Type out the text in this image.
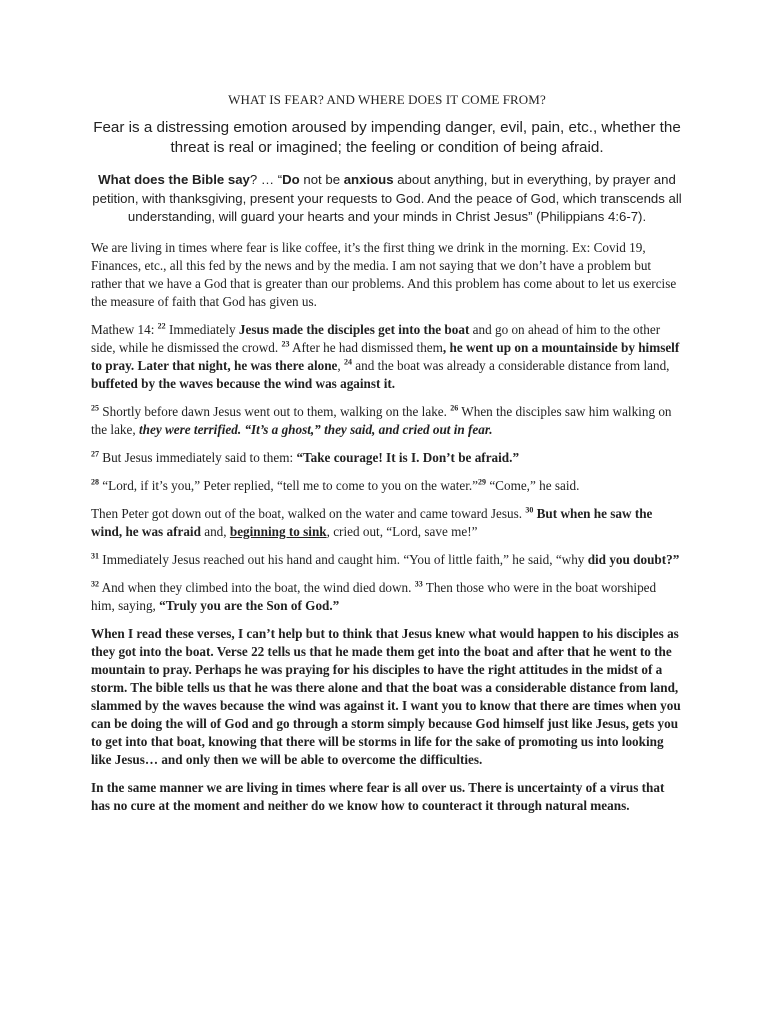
WHAT IS FEAR? AND WHERE DOES IT COME FROM?
Fear is a distressing emotion aroused by impending danger, evil, pain, etc., whether the threat is real or imagined; the feeling or condition of being afraid.
What does the Bible say? … “Do not be anxious about anything, but in everything, by prayer and petition, with thanksgiving, present your requests to God. And the peace of God, which transcends all understanding, will guard your hearts and your minds in Christ Jesus” (Philippians 4:6-7).

We are living in times where fear is like coffee, it’s the first thing we drink in the morning. Ex: Covid 19, Finances, etc., all this fed by the news and by the media. I am not saying that we don’t have a problem but rather that we have a God that is greater than our problems. And this problem has come about to let us exercise the measure of faith that God has given us.

Mathew 14: $^{22}$ Immediately Jesus made the disciples get into the boat and go on ahead of him to the other side, while he dismissed the crowd. $^{23}$ After he had dismissed them, he went up on a mountainside by himself to pray. Later that night, he was there alone, $^{24}$ and the boat was already a considerable distance from land, buffeted by the waves because the wind was against it.

$^{25}$ Shortly before dawn Jesus went out to them, walking on the lake. $^{26}$ When the disciples saw him walking on the lake, they were terrified. “It’s a ghost,” they said, and cried out in fear.

$^{27}$ But Jesus immediately said to them: “Take courage! It is I. Don’t be afraid.”

$^{28}$ “Lord, if it’s you,” Peter replied, “tell me to come to you on the water.”$^{29}$ “Come,” he said.

Then Peter got down out of the boat, walked on the water and came toward Jesus. $^{30}$ But when he saw the wind, he was afraid and, beginning to sink, cried out, “Lord, save me!”

$^{31}$ Immediately Jesus reached out his hand and caught him. “You of little faith,” he said, “why did you doubt?”

$^{32}$ And when they climbed into the boat, the wind died down. $^{33}$ Then those who were in the boat worshiped him, saying, “Truly you are the Son of God.”

When I read these verses, I can’t help but to think that Jesus knew what would happen to his disciples as they got into the boat. Verse 22 tells us that he made them get into the boat and after that he went to the mountain to pray. Perhaps he was praying for his disciples to have the right attitudes in the midst of a storm. The bible tells us that he was there alone and that the boat was a considerable distance from land, slammed by the waves because the wind was against it. I want you to know that there are times when you can be doing the will of God and go through a storm simply because God himself just like Jesus, gets you to get into that boat, knowing that there will be storms in life for the sake of promoting us into looking like Jesus… and only then we will be able to overcome the difficulties.

In the same manner we are living in times where fear is all over us. There is uncertainty of a virus that has no cure at the moment and neither do we know how to counteract it through natural means.
